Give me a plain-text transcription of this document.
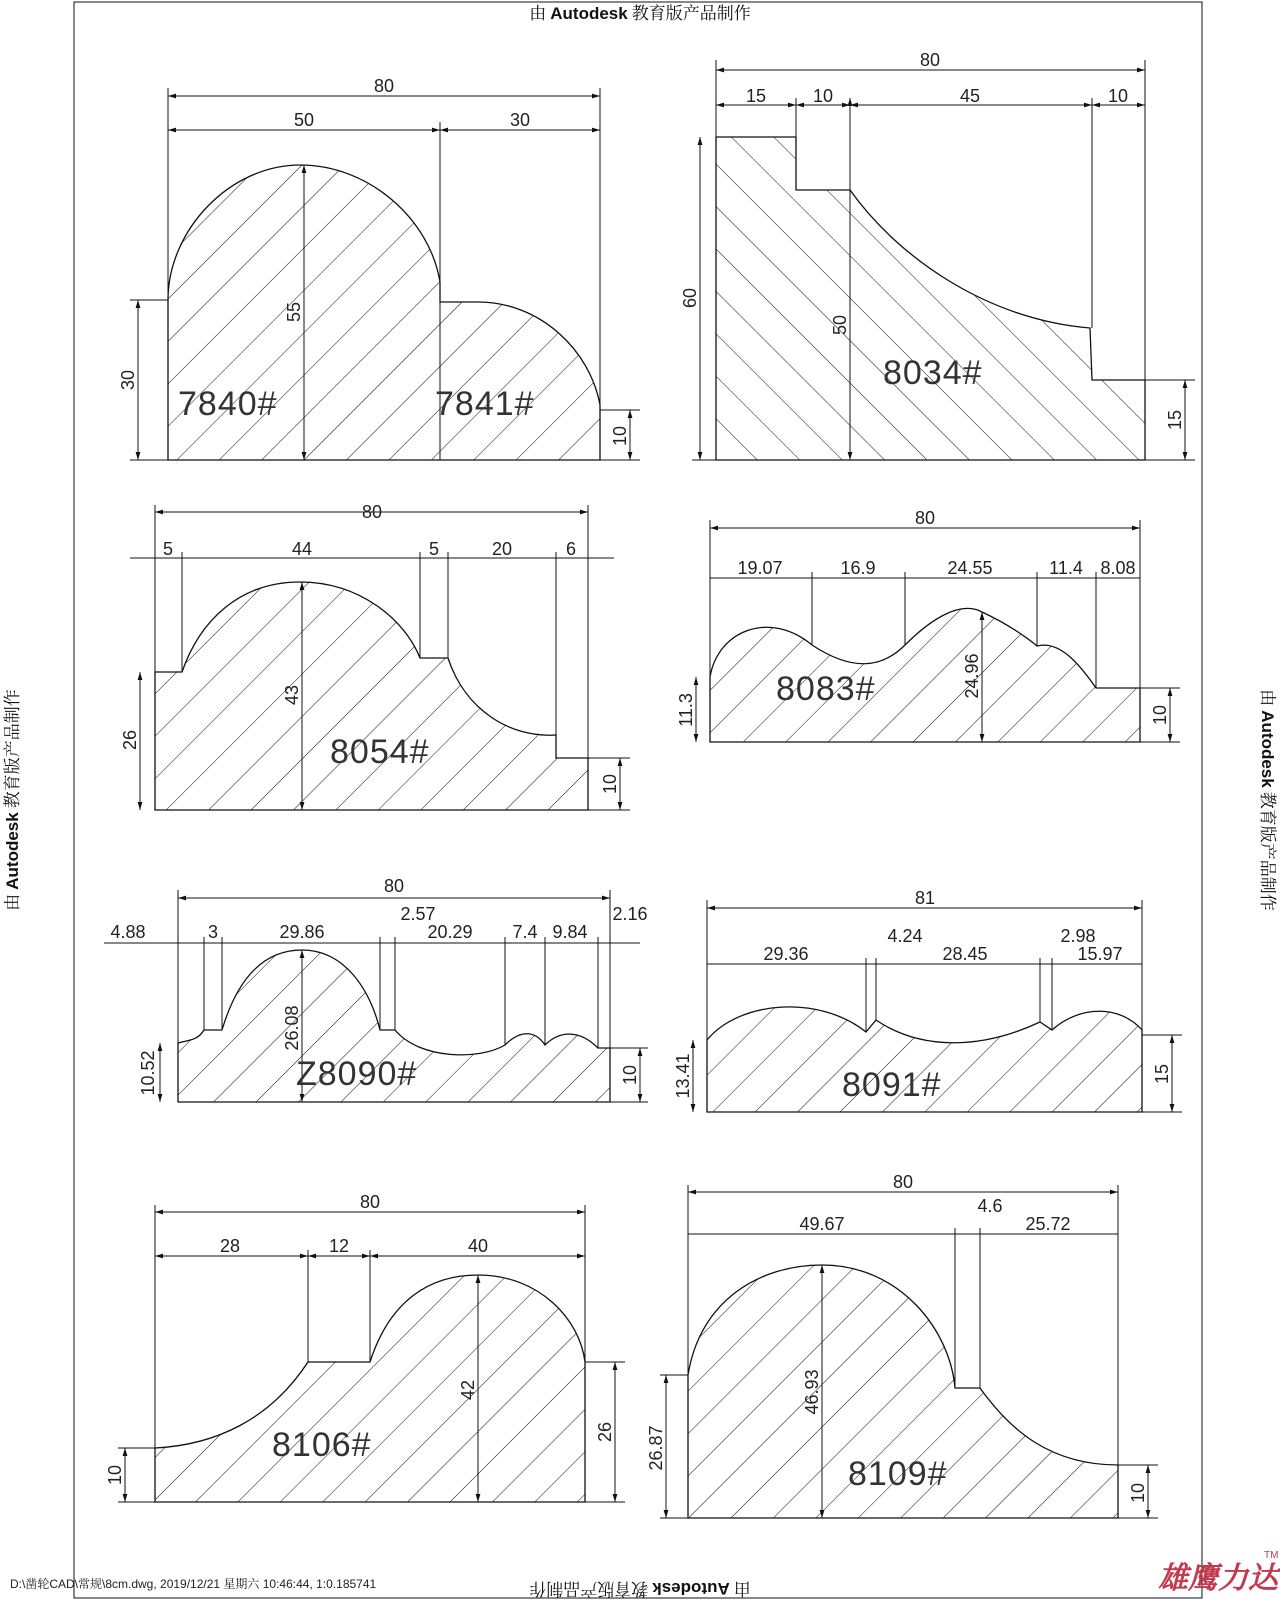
由 Autodesk 教育版产品制作
由Autodesk教育版产品制作
由Autodesk教育版产品制作	由Autodesk教育版产品制作
80
50	30
55
30
10
7840#	7841#
80
15	10	45	10
60
50
15
8034#
80
5	44	5	20	6
43
26
10
8054#
80
19.07	16.9	24.55	11.4 8.08
24.96
11.3	10
8083#
80
4.88	3	29.86
2.57
20.29 7.4 9.84
2.16
26.08
10.52	10
Z8090#
81
29.36
4.24
28.45
2.98
15.97
13.41	15
8091#
80
28	12	40
42
26
10
8106#
80
49.67
4.6
25.72
46.93
26.87
10
8109#
D:\凿轮CAD\常规\8cm.dwg, 2019/12/21 星期六 10:46:44, 1:0.185741	雄鹰力达
TM
